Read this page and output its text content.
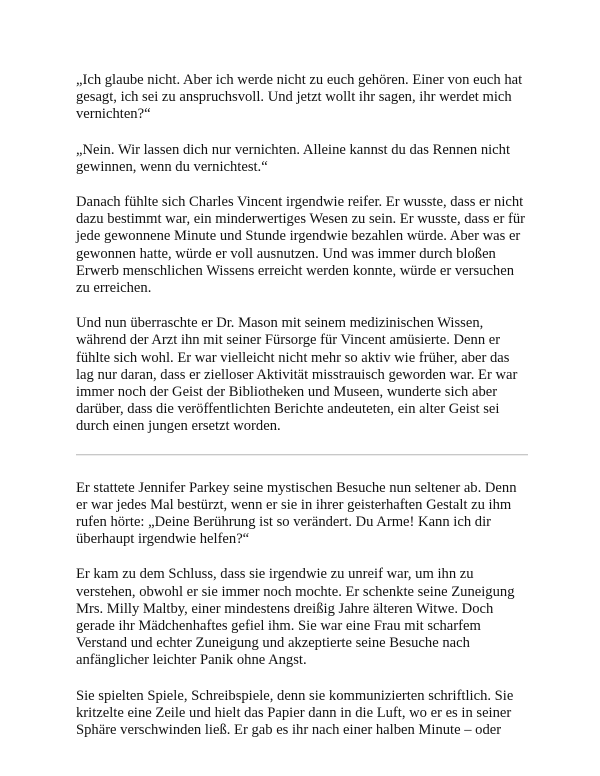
„Ich glaube nicht. Aber ich werde nicht zu euch gehören. Einer von euch hat gesagt, ich sei zu anspruchsvoll. Und jetzt wollt ihr sagen, ihr werdet mich vernichten?“

„Nein. Wir lassen dich nur vernichten. Alleine kannst du das Rennen nicht gewinnen, wenn du vernichtest.“

Danach fühlte sich Charles Vincent irgendwie reifer. Er wusste, dass er nicht dazu bestimmt war, ein minderwertiges Wesen zu sein. Er wusste, dass er für jede gewonnene Minute und Stunde irgendwie bezahlen würde. Aber was er gewonnen hatte, würde er voll ausnutzen. Und was immer durch bloßen Erwerb menschlichen Wissens erreicht werden konnte, würde er versuchen zu erreichen.

Und nun überraschte er Dr. Mason mit seinem medizinischen Wissen, während der Arzt ihn mit seiner Fürsorge für Vincent amüsierte. Denn er fühlte sich wohl. Er war vielleicht nicht mehr so aktiv wie früher, aber das lag nur daran, dass er zielloser Aktivität misstrauisch geworden war. Er war immer noch der Geist der Bibliotheken und Museen, wunderte sich aber darüber, dass die veröffentlichten Berichte andeuteten, ein alter Geist sei durch einen jungen ersetzt worden.

Er stattete Jennifer Parkey seine mystischen Besuche nun seltener ab. Denn er war jedes Mal bestürzt, wenn er sie in ihrer geisterhaften Gestalt zu ihm rufen hörte: „Deine Berührung ist so verändert. Du Arme! Kann ich dir überhaupt irgendwie helfen?“

Er kam zu dem Schluss, dass sie irgendwie zu unreif war, um ihn zu verstehen, obwohl er sie immer noch mochte. Er schenkte seine Zuneigung Mrs. Milly Maltby, einer mindestens dreißig Jahre älteren Witwe. Doch gerade ihr Mädchenhaftes gefiel ihm. Sie war eine Frau mit scharfem Verstand und echter Zuneigung und akzeptierte seine Besuche nach anfänglicher leichter Panik ohne Angst.

Sie spielten Spiele, Schreibspiele, denn sie kommunizierten schriftlich. Sie kritzelte eine Zeile und hielt das Papier dann in die Luft, wo er es in seiner Sphäre verschwinden ließ. Er gab es ihr nach einer halben Minute – oder
